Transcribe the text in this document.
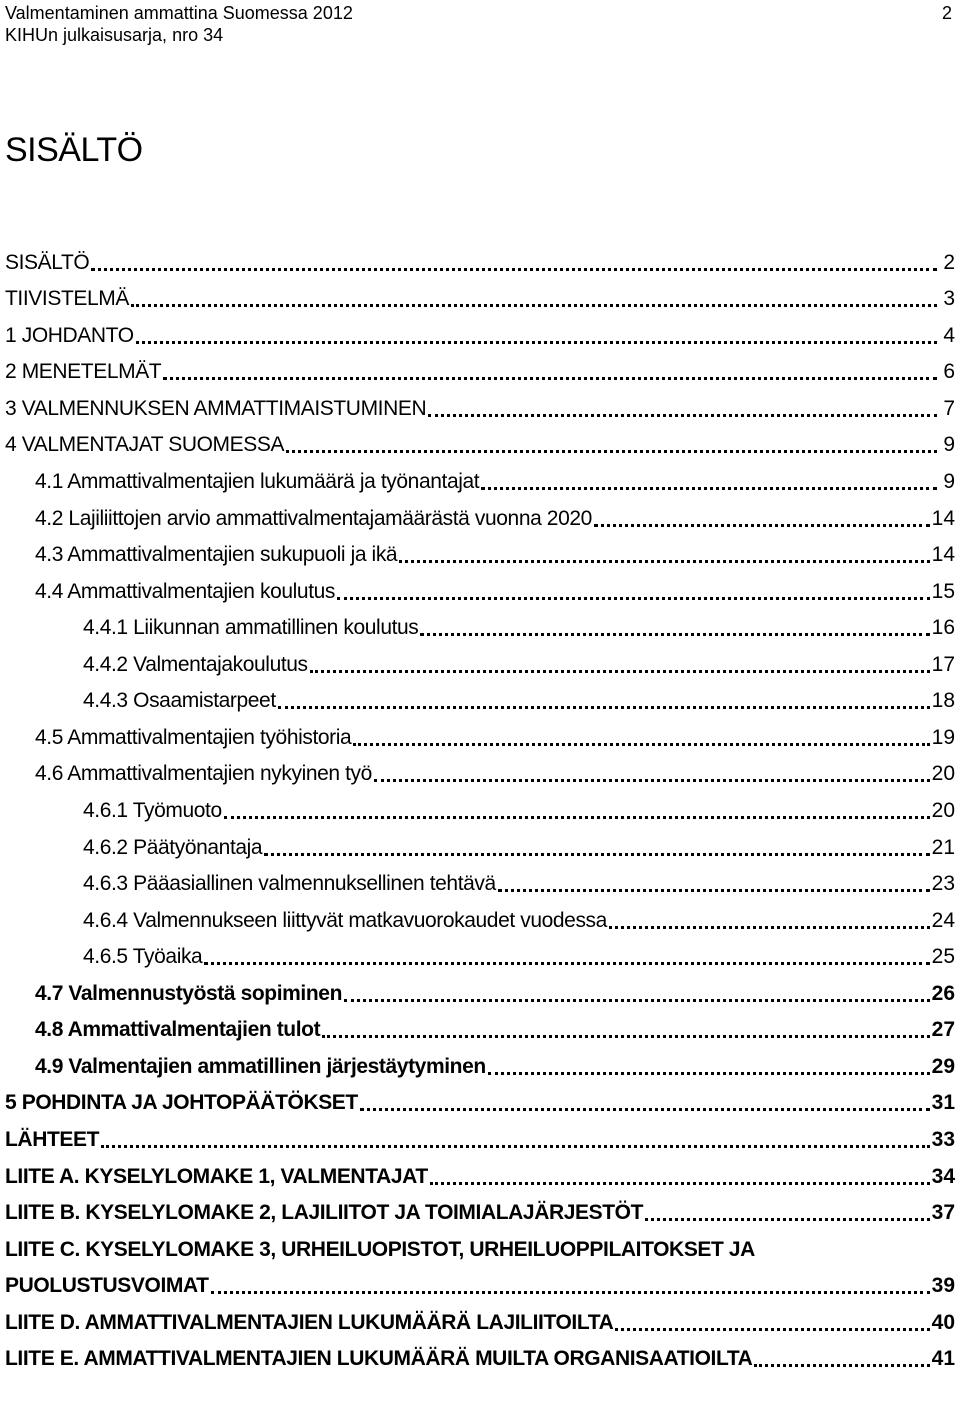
Valmentaminen ammattina Suomessa 2012
KIHUn julkaisusarja, nro 34
2
SISÄLTÖ
SISÄLTÖ	2
TIIVISTELMÄ	3
1 JOHDANTO	4
2 MENETELMÄT	6
3 VALMENNUKSEN AMMATTIMAISTUMINEN	7
4 VALMENTAJAT SUOMESSA	9
4.1 Ammattivalmentajien lukumäärä ja työnantajat	9
4.2 Lajiliittojen arvio ammattivalmentajamäärästä vuonna 2020	14
4.3 Ammattivalmentajien sukupuoli ja ikä	14
4.4 Ammattivalmentajien koulutus	15
4.4.1 Liikunnan ammatillinen koulutus	16
4.4.2 Valmentajakoulutus	17
4.4.3 Osaamistarpeet	18
4.5 Ammattivalmentajien työhistoria	19
4.6 Ammattivalmentajien nykyinen työ	20
4.6.1 Työmuoto	20
4.6.2 Päätyönantaja	21
4.6.3 Pääasiallinen valmennuksellinen tehtävä	23
4.6.4 Valmennukseen liittyvät matkavuorokaudet vuodessa	24
4.6.5 Työaika	25
4.7 Valmennustyöstä sopiminen	26
4.8 Ammattivalmentajien tulot	27
4.9 Valmentajien ammatillinen järjestäytyminen	29
5 POHDINTA JA JOHTOPÄÄTÖKSET	31
LÄHTEET	33
LIITE A. KYSELYLOMAKE 1, VALMENTAJAT	34
LIITE B. KYSELYLOMAKE 2, LAJILIITOT JA TOIMIALAJÄRJESTÖT	37
LIITE C. KYSELYLOMAKE 3, URHEILUOPISTOT, URHEILUOPPILAITOKSET JA
PUOLUSTUSVOIMAT	39
LIITE D. AMMATTIVALMENTAJIEN LUKUMÄÄRÄ LAJILIITOILTA	40
LIITE E. AMMATTIVALMENTAJIEN LUKUMÄÄRÄ MUILTA ORGANISAATIOILTA	41
